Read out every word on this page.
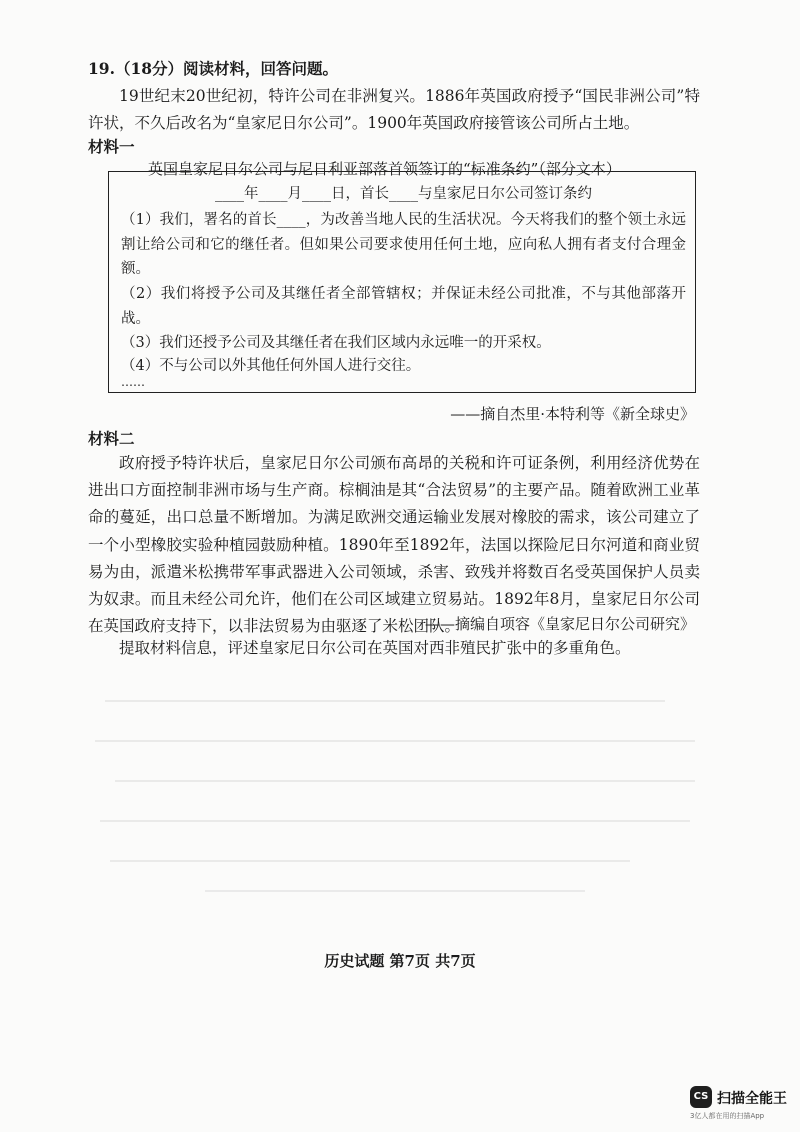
19.（18分）阅读材料，回答问题。
19世纪末20世纪初，特许公司在非洲复兴。1886年英国政府授予“国民非洲公司”特许状，不久后改名为“皇家尼日尔公司”。1900年英国政府接管该公司所占土地。
材料一
英国皇家尼日尔公司与尼日利亚部落首领签订的“标准条约”（部分文本）
____年____月____日，首长____与皇家尼日尔公司签订条约
（1）我们，署名的首长____，为改善当地人民的生活状况。今天将我们的整个领土永远割让给公司和它的继任者。但如果公司要求使用任何土地，应向私人拥有者支付合理金额。
（2）我们将授予公司及其继任者全部管辖权；并保证未经公司批准，不与其他部落开战。
（3）我们还授予公司及其继任者在我们区域内永远唯一的开采权。
（4）不与公司以外其他任何外国人进行交往。
……
——摘自杰里·本特利等《新全球史》
材料二
政府授予特许状后，皇家尼日尔公司颁布高昂的关税和许可证条例，利用经济优势在进出口方面控制非洲市场与生产商。棕榈油是其“合法贸易”的主要产品。随着欧洲工业革命的蔓延，出口总量不断增加。为满足欧洲交通运输业发展对橡胶的需求，该公司建立了一个小型橡胶实验种植园鼓励种植。1890年至1892年，法国以探险尼日尔河道和商业贸易为由，派遣米松携带军事武器进入公司领域，杀害、致残并将数百名受英国保护人员卖为奴隶。而且未经公司允许，他们在公司区域建立贸易站。1892年8月，皇家尼日尔公司在英国政府支持下，以非法贸易为由驱逐了米松团队。
——摘编自项容《皇家尼日尔公司研究》
提取材料信息，评述皇家尼日尔公司在英国对西非殖民扩张中的多重角色。
历史试题 第7页 共7页
CS 扫描全能王
3亿人都在用的扫描App
